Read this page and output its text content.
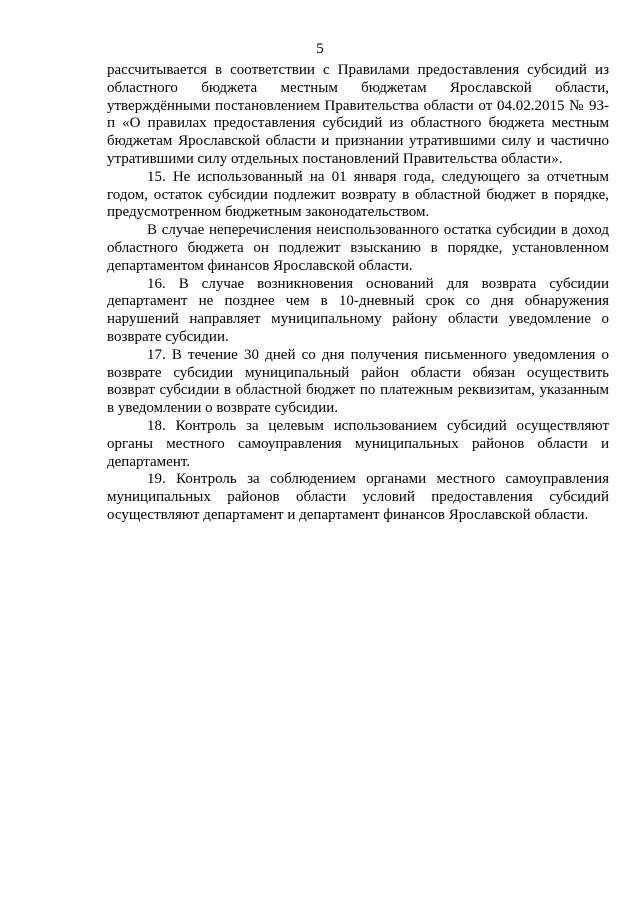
5

рассчитывается в соответствии с Правилами предоставления субсидий из областного бюджета местным бюджетам Ярославской области, утверждёнными постановлением Правительства области от 04.02.2015 № 93-п «О правилах предоставления субсидий из областного бюджета местным бюджетам Ярославской области и признании утратившими силу и частично утратившими силу отдельных постановлений Правительства области».

15. Не использованный на 01 января года, следующего за отчетным годом, остаток субсидии подлежит возврату в областной бюджет в порядке, предусмотренном бюджетным законодательством.

В случае неперечисления неиспользованного остатка субсидии в доход областного бюджета он подлежит взысканию в порядке, установленном департаментом финансов Ярославской области.

16. В случае возникновения оснований для возврата субсидии департамент не позднее чем в 10-дневный срок со дня обнаружения нарушений направляет муниципальному району области уведомление о возврате субсидии.

17. В течение 30 дней со дня получения письменного уведомления о возврате субсидии муниципальный район области обязан осуществить возврат субсидии в областной бюджет по платежным реквизитам, указанным в уведомлении о возврате субсидии.

18. Контроль за целевым использованием субсидий осуществляют органы местного самоуправления муниципальных районов области и департамент.

19. Контроль за соблюдением органами местного самоуправления муниципальных районов области условий предоставления субсидий осуществляют департамент и департамент финансов Ярославской области.
